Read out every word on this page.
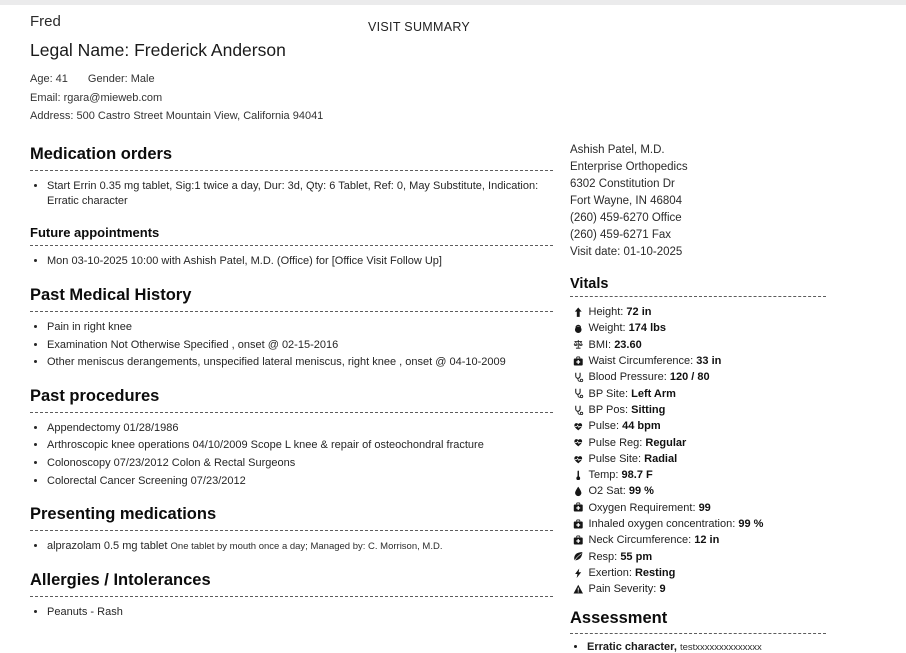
VISIT SUMMARY
Fred
Legal Name: Frederick Anderson
Age: 41 Gender: Male
Email: rgara@mieweb.com
Address: 500 Castro Street Mountain View, California 94041
Medication orders
• Start Errin 0.35 mg tablet, Sig:1 twice a day, Dur: 3d, Qty: 6 Tablet, Ref: 0, May Substitute, Indication: Erratic character
Future appointments
• Mon 03-10-2025 10:00 with Ashish Patel, M.D. (Office) for [Office Visit Follow Up]
Past Medical History
• Pain in right knee
• Examination Not Otherwise Specified , onset @ 02-15-2016
• Other meniscus derangements, unspecified lateral meniscus, right knee , onset @ 04-10-2009
Past procedures
• Appendectomy 01/28/1986
• Arthroscopic knee operations 04/10/2009 Scope L knee & repair of osteochondral fracture
• Colonoscopy 07/23/2012 Colon & Rectal Surgeons
• Colorectal Cancer Screening 07/23/2012
Presenting medications
• alprazolam 0.5 mg tablet One tablet by mouth once a day; Managed by: C. Morrison, M.D.
Allergies / Intolerances
• Peanuts - Rash

Ashish Patel, M.D.

Enterprise Orthopedics

6302 Constitution Dr

Fort Wayne, IN 46804

(260) 459-6270 Office

(260) 459-6271 Fax

Visit date: 01-10-2025

Vitals
Height: 72 in
Weight: 174 lbs
BMI: 23.60
Waist Circumference: 33 in
Blood Pressure: 120 / 80
BP Site: Left Arm
BP Pos: Sitting
Pulse: 44 bpm
Pulse Reg: Regular
Pulse Site: Radial
Temp: 98.7 F
O2 Sat: 99 %
Oxygen Requirement: 99
Inhaled oxygen concentration: 99 %
Neck Circumference: 12 in
Resp: 55 pm
Exertion: Resting
Pain Severity: 9
Assessment
• Erratic character, testxxxxxxxxxxxxxx
